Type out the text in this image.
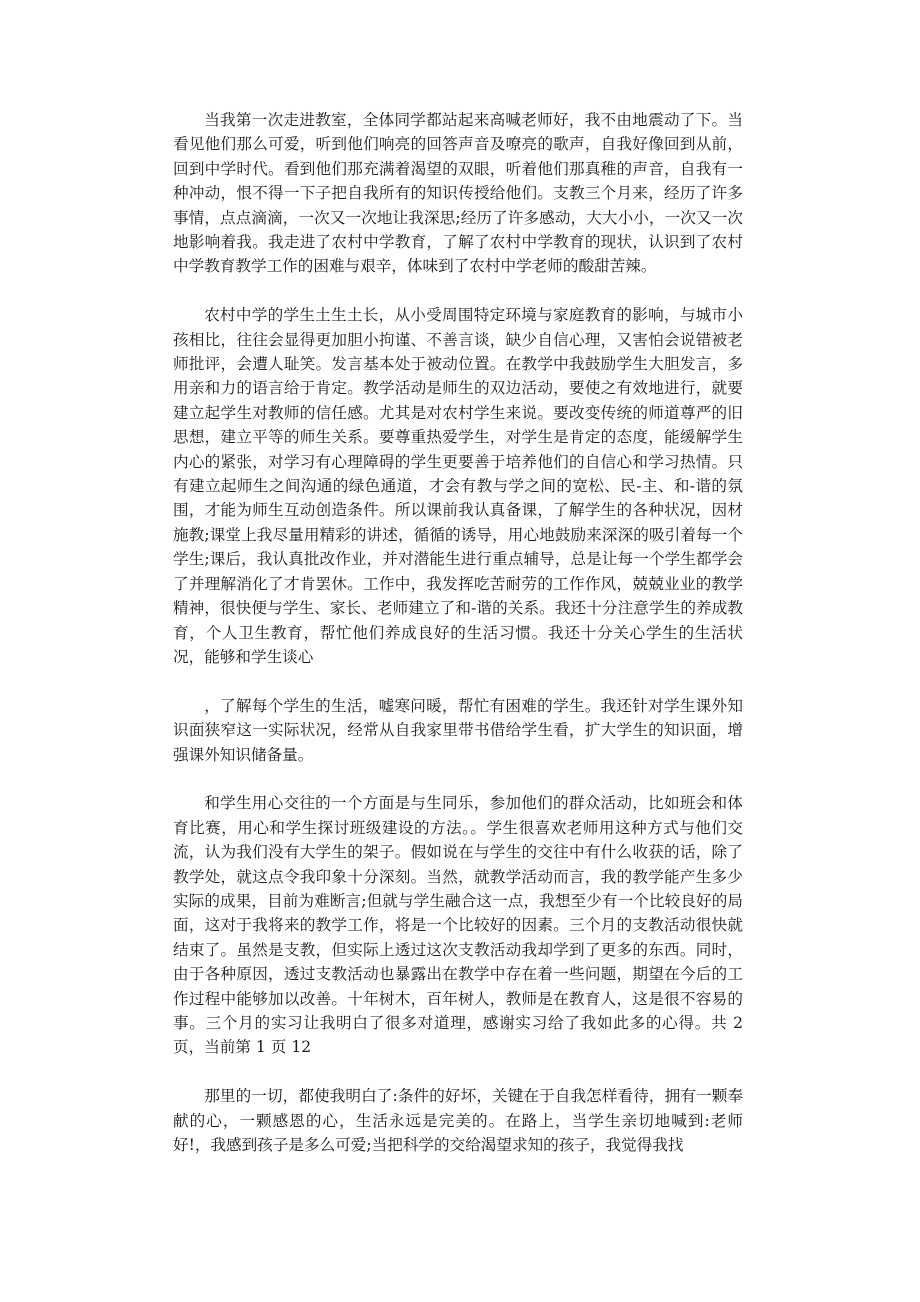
当我第一次走进教室，全体同学都站起来高喊老师好，我不由地震动了下。当看见他们那么可爱，听到他们响亮的回答声音及嘹亮的歌声，自我好像回到从前，回到中学时代。看到他们那充满着渴望的双眼，听着他们那真稚的声音，自我有一种冲动，恨不得一下子把自我所有的知识传授给他们。支教三个月来，经历了许多事情，点点滴滴，一次又一次地让我深思;经历了许多感动，大大小小，一次又一次地影响着我。我走进了农村中学教育，了解了农村中学教育的现状，认识到了农村中学教育教学工作的困难与艰辛，体味到了农村中学老师的酸甜苦辣。

农村中学的学生土生土长，从小受周围特定环境与家庭教育的影响，与城市小孩相比，往往会显得更加胆小拘谨、不善言谈，缺少自信心理，又害怕会说错被老师批评，会遭人耻笑。发言基本处于被动位置。在教学中我鼓励学生大胆发言，多用亲和力的语言给于肯定。教学活动是师生的双边活动，要使之有效地进行，就要建立起学生对教师的信任感。尤其是对农村学生来说。要改变传统的师道尊严的旧思想，建立平等的师生关系。要尊重热爱学生，对学生是肯定的态度，能缓解学生内心的紧张，对学习有心理障碍的学生更要善于培养他们的自信心和学习热情。只有建立起师生之间沟通的绿色通道，才会有教与学之间的宽松、民-主、和-谐的氛围，才能为师生互动创造条件。所以课前我认真备课，了解学生的各种状况，因材施教;课堂上我尽量用精彩的讲述，循循的诱导，用心地鼓励来深深的吸引着每一个学生;课后，我认真批改作业，并对潜能生进行重点辅导，总是让每一个学生都学会了并理解消化了才肯罢休。工作中，我发挥吃苦耐劳的工作作风，兢兢业业的教学精神，很快便与学生、家长、老师建立了和-谐的关系。我还十分注意学生的养成教育，个人卫生教育，帮忙他们养成良好的生活习惯。我还十分关心学生的生活状况，能够和学生谈心

，了解每个学生的生活，嘘寒问暖，帮忙有困难的学生。我还针对学生课外知识面狭窄这一实际状况，经常从自我家里带书借给学生看，扩大学生的知识面，增强课外知识储备量。

和学生用心交往的一个方面是与生同乐，参加他们的群众活动，比如班会和体育比赛，用心和学生探讨班级建设的方法。。学生很喜欢老师用这种方式与他们交流，认为我们没有大学生的架子。假如说在与学生的交往中有什么收获的话，除了教学处，就这点令我印象十分深刻。当然，就教学活动而言，我的教学能产生多少实际的成果，目前为难断言;但就与学生融合这一点，我想至少有一个比较良好的局面，这对于我将来的教学工作，将是一个比较好的因素。三个月的支教活动很快就结束了。虽然是支教，但实际上透过这次支教活动我却学到了更多的东西。同时，由于各种原因，透过支教活动也暴露出在教学中存在着一些问题，期望在今后的工作过程中能够加以改善。十年树木，百年树人，教师是在教育人，这是很不容易的事。三个月的实习让我明白了很多对道理，感谢实习给了我如此多的心得。共 2 页，当前第 1 页 12

那里的一切，都使我明白了:条件的好坏，关键在于自我怎样看待，拥有一颗奉献的心，一颗感恩的心，生活永远是完美的。在路上，当学生亲切地喊到:老师好!，我感到孩子是多么可爱;当把科学的交给渴望求知的孩子，我觉得我找
